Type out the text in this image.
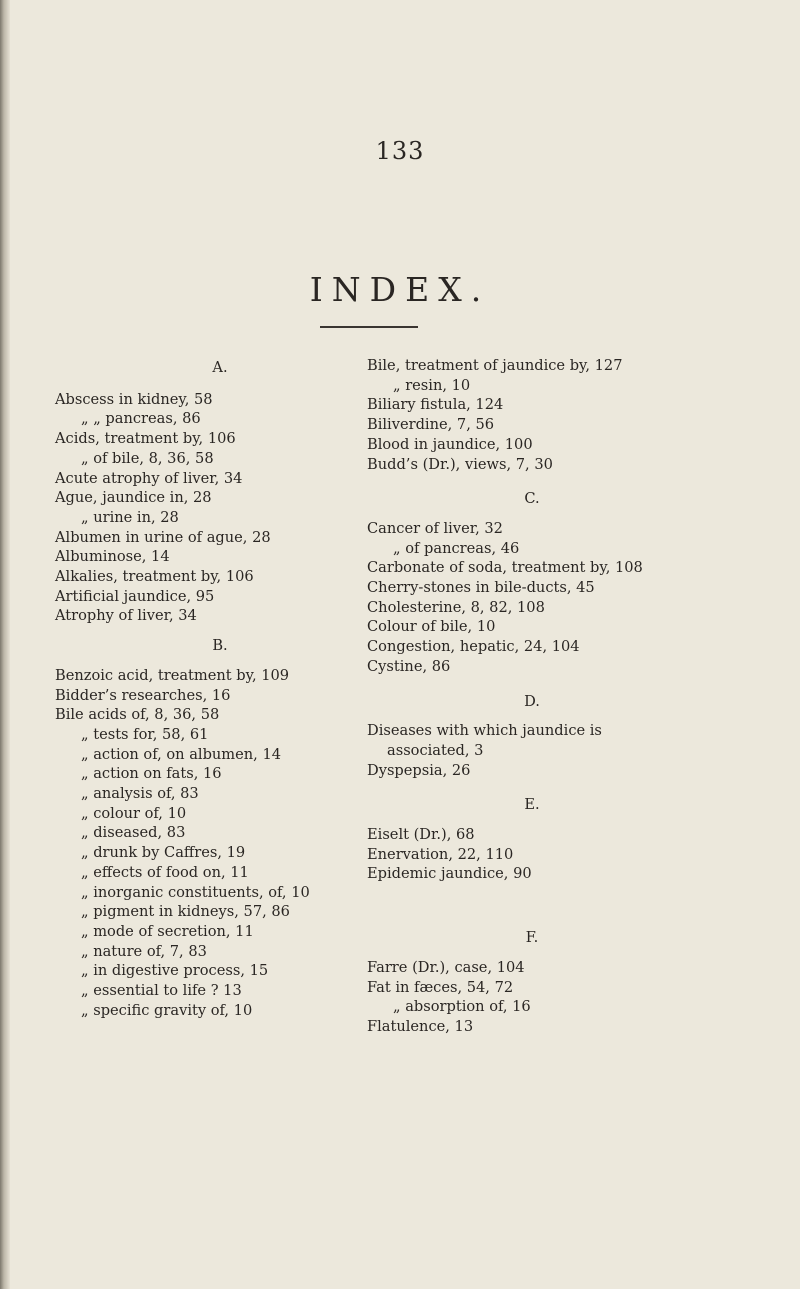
133
INDEX.
A.
Abscess in kidney, 58
„ „ pancreas, 86
Acids, treatment by, 106
„ of bile, 8, 36, 58
Acute atrophy of liver, 34
Ague, jaundice in, 28
„ urine in, 28
Albumen in urine of ague, 28
Albuminose, 14
Alkalies, treatment by, 106
Artificial jaundice, 95
Atrophy of liver, 34
B.
Benzoic acid, treatment by, 109
Bidder’s researches, 16
Bile acids of, 8, 36, 58
„ tests for, 58, 61
„ action of, on albumen, 14
„ action on fats, 16
„ analysis of, 83
„ colour of, 10
„ diseased, 83
„ drunk by Caffres, 19
„ effects of food on, 11
„ inorganic constituents, of, 10
„ pigment in kidneys, 57, 86
„ mode of secretion, 11
„ nature of, 7, 83
„ in digestive process, 15
„ essential to life ? 13
„ specific gravity of, 10
Bile, treatment of jaundice by, 127
„ resin, 10
Biliary fistula, 124
Biliverdine, 7, 56
Blood in jaundice, 100
Budd’s (Dr.), views, 7, 30
C.
Cancer of liver, 32
„ of pancreas, 46
Carbonate of soda, treatment by, 108
Cherry-stones in bile-ducts, 45
Cholesterine, 8, 82, 108
Colour of bile, 10
Congestion, hepatic, 24, 104
Cystine, 86
D.
Diseases with which jaundice is
associated, 3
Dyspepsia, 26
E.
Eiselt (Dr.), 68
Enervation, 22, 110
Epidemic jaundice, 90
F.
Farre (Dr.), case, 104
Fat in fæces, 54, 72
„ absorption of, 16
Flatulence, 13
